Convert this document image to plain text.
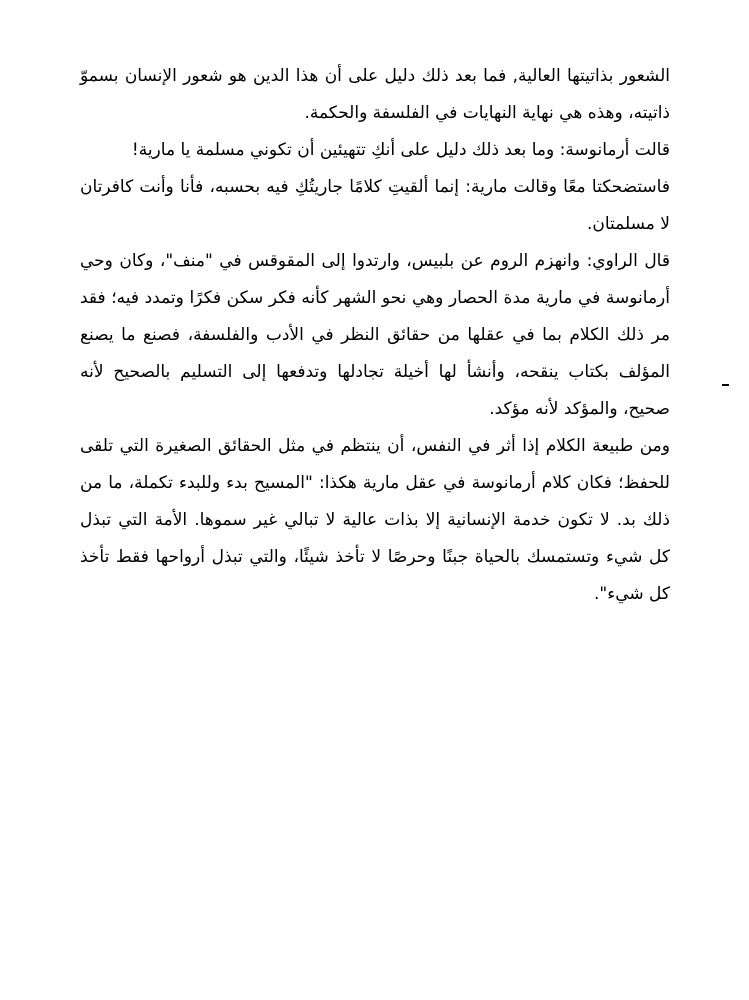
الشعور بذاتيتها العالية, فما بعد ذلك دليل على أن هذا الدين هو شعور الإنسان بسموّ ذاتيته، وهذه هي نهاية النهايات في الفلسفة والحكمة.

قالت أرمانوسة: وما بعد ذلك دليل على أنكِ تتهيئين أن تكوني مسلمة يا مارية!

فاستضحكتا معًا وقالت مارية: إنما ألقيتِ كلامًا جاريتُكِ فيه بحسبه، فأنا وأنت كافرتان لا مسلمتان.

قال الراوي: وانهزم الروم عن بلبيس، وارتدوا إلى المقوقس في "منف"، وكان وحي أرمانوسة في مارية مدة الحصار وهي نحو الشهر كأنه فكر سكن فكرًا وتمدد فيه؛ فقد مر ذلك الكلام بما في عقلها من حقائق النظر في الأدب والفلسفة، فصنع ما يصنع المؤلف بكتاب ينقحه، وأنشأ لها أخيلة تجادلها وتدفعها إلى التسليم بالصحيح لأنه صحيح، والمؤكد لأنه مؤكد.

ومن طبيعة الكلام إذا أثر في النفس، أن ينتظم في مثل الحقائق الصغيرة التي تلقى للحفظ؛ فكان كلام أرمانوسة في عقل مارية هكذا: "المسيح بدء وللبدء تكملة، ما من ذلك بد. لا تكون خدمة الإنسانية إلا بذات عالية لا تبالي غير سموها. الأمة التي تبذل كل شيء وتستمسك بالحياة جبنًا وحرصًا لا تأخذ شيئًا، والتي تبذل أرواحها فقط تأخذ كل شيء".
